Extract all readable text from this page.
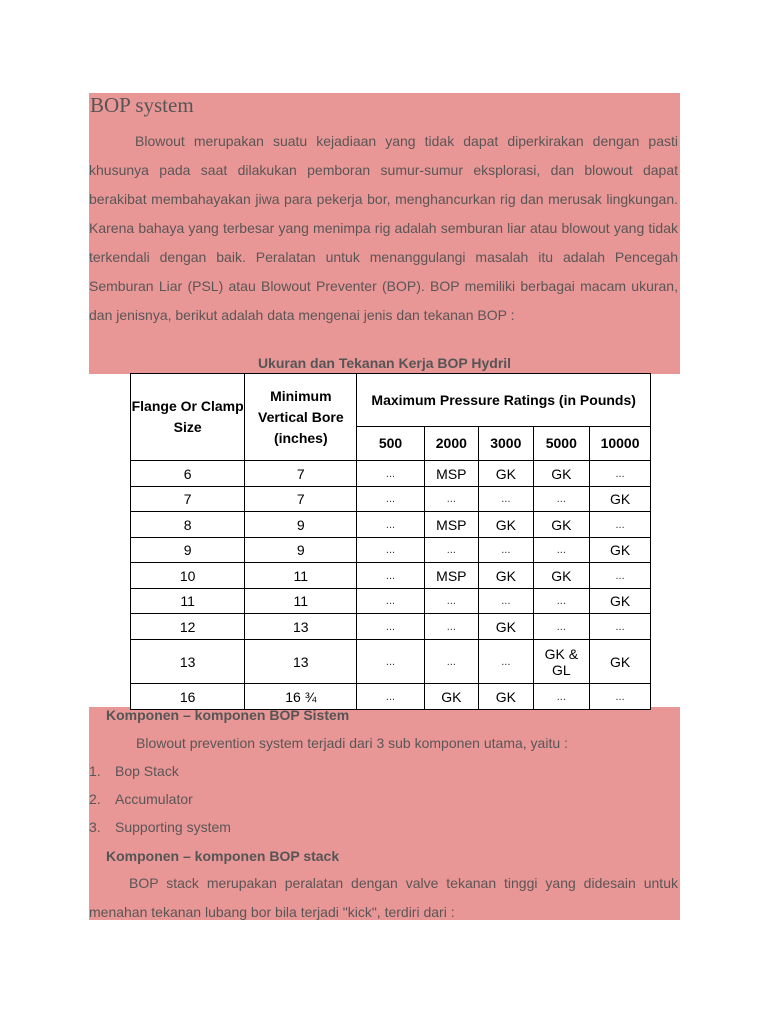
BOP system

Blowout merupakan suatu kejadiaan yang tidak dapat diperkirakan dengan pasti khusunya pada saat dilakukan pemboran sumur-sumur eksplorasi, dan blowout dapat berakibat membahayakan jiwa para pekerja bor, menghancurkan rig dan merusak lingkungan. Karena bahaya yang terbesar yang menimpa rig adalah semburan liar atau blowout yang tidak terkendali dengan baik. Peralatan untuk menanggulangi masalah itu adalah Pencegah Semburan Liar (PSL) atau Blowout Preventer (BOP). BOP memiliki berbagai macam ukuran, dan jenisnya, berikut adalah data mengenai jenis dan tekanan BOP :

Ukuran dan Tekanan Kerja BOP Hydril
Flange Or Clamp Size	Minimum Vertical Bore (inches)	Maximum Pressure Ratings (in Pounds)				
		500	2000	3000	5000	10000
6	7	...	MSP	GK	GK	...
7	7	...	...	...	...	GK
8	9	...	MSP	GK	GK	...
9	9	...	...	...	...	GK
10	11	...	MSP	GK	GK	...
11	11	...	...	...	...	GK
12	13	...	...	GK	...	...
13	13	...	...	...	GK & GL	GK
16	16 ¾	...	GK	GK	...	...
Komponen – komponen BOP Sistem
Blowout prevention system terjadi dari 3 sub komponen utama, yaitu :
1. Bop Stack
2. Accumulator
3. Supporting system
Komponen – komponen BOP stack

BOP stack merupakan peralatan dengan valve tekanan tinggi yang didesain untuk menahan tekanan lubang bor bila terjadi "kick", terdiri dari :
